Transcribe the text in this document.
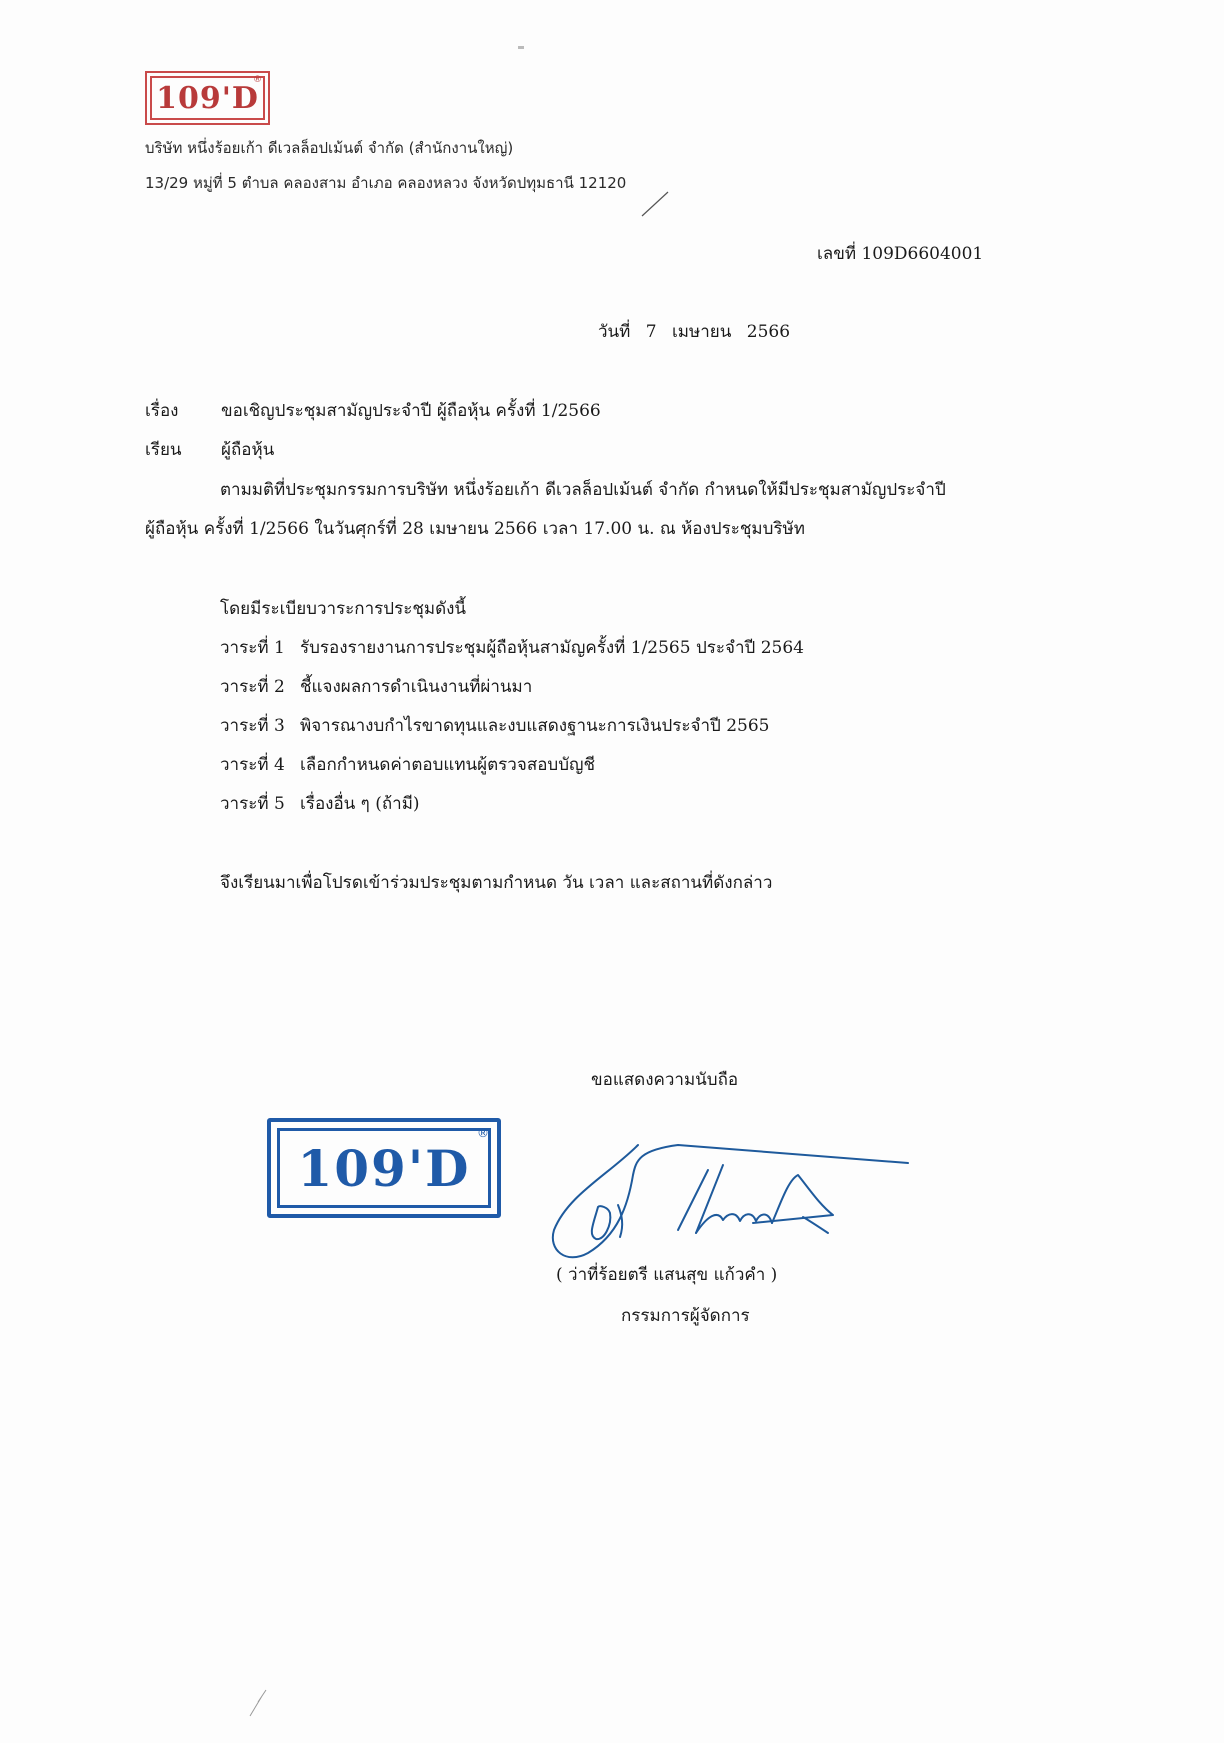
109'D
®
บริษัท หนึ่งร้อยเก้า ดีเวลล็อปเม้นต์ จำกัด (สำนักงานใหญ่)
13/29 หมู่ที่ 5 ตำบล คลองสาม อำเภอ คลองหลวง จังหวัดปทุมธานี 12120
เลขที่ 109D6604001
วันที่ 7 เมษายน 2566
เรื่อง	ขอเชิญประชุมสามัญประจำปี ผู้ถือหุ้น ครั้งที่ 1/2566
เรียน ผู้ถือหุ้น
ตามมติที่ประชุมกรรมการบริษัท หนึ่งร้อยเก้า ดีเวลล็อปเม้นต์ จำกัด กำหนดให้มีประชุมสามัญประจำปี
ผู้ถือหุ้น ครั้งที่ 1/2566 ในวันศุกร์ที่ 28 เมษายน 2566 เวลา 17.00 น. ณ ห้องประชุมบริษัท
โดยมีระเบียบวาระการประชุมดังนี้
วาระที่ 1 รับรองรายงานการประชุมผู้ถือหุ้นสามัญครั้งที่ 1/2565 ประจำปี 2564
วาระที่ 2 ชี้แจงผลการดำเนินงานที่ผ่านมา
วาระที่ 3 พิจารณางบกำไรขาดทุนและงบแสดงฐานะการเงินประจำปี 2565
วาระที่ 4 เลือกกำหนดค่าตอบแทนผู้ตรวจสอบบัญชี
วาระที่ 5 เรื่องอื่น ๆ (ถ้ามี)
จึงเรียนมาเพื่อโปรดเข้าร่วมประชุมตามกำหนด วัน เวลา และสถานที่ดังกล่าว
ขอแสดงความนับถือ
109'D
®
( ว่าที่ร้อยตรี แสนสุข แก้วคำ )
กรรมการผู้จัดการ
